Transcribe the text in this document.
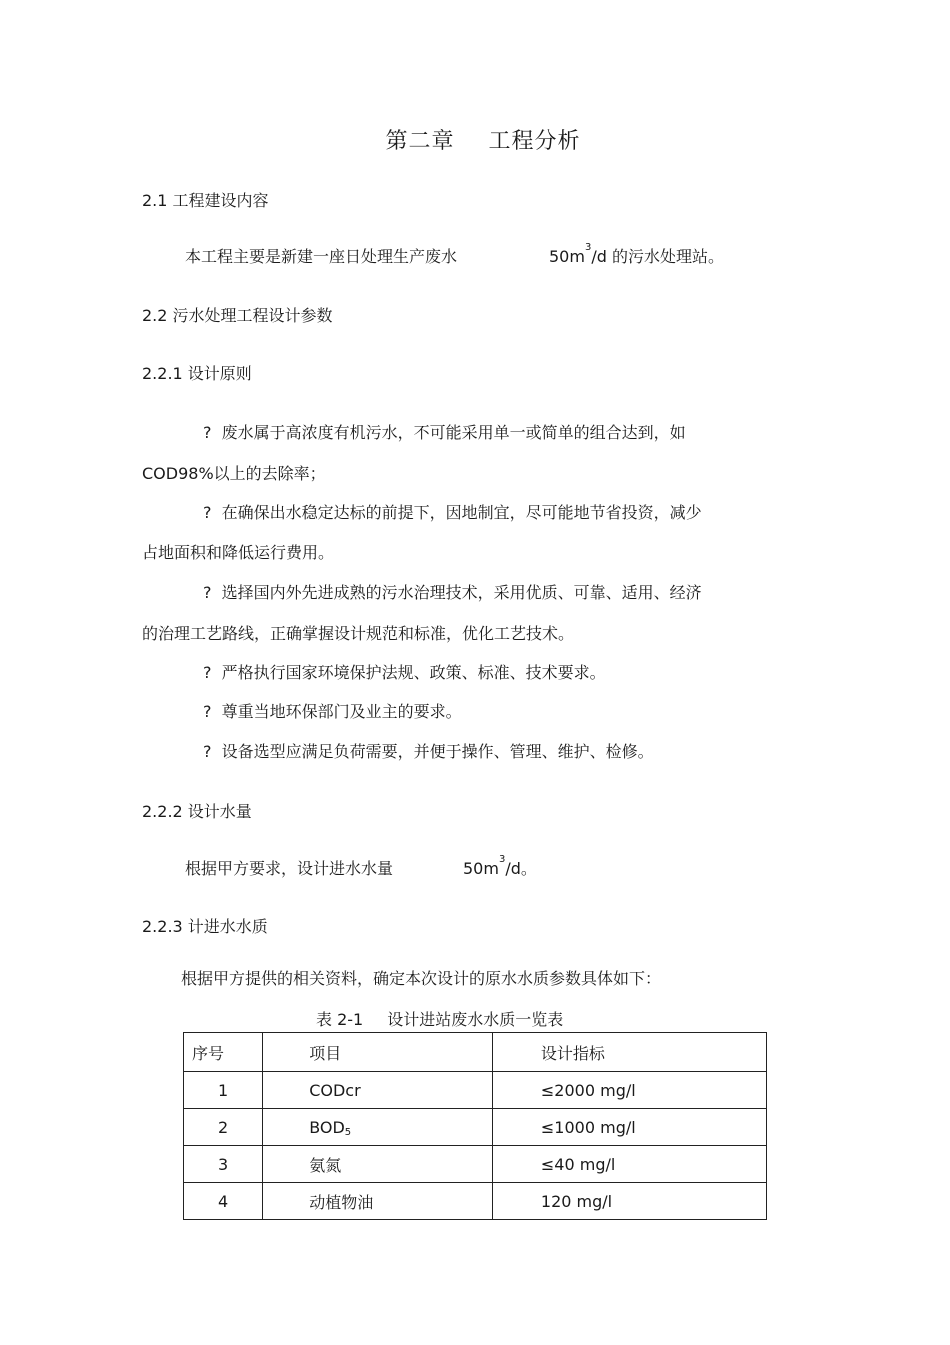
第二章 工程分析
2.1 工程建设内容
本工程主要是新建一座日处理生产废水	$50m^3/d$ 的污水处理站。
2.2 污水处理工程设计参数
2.2.1 设计原则
? 废水属于高浓度有机污水，不可能采用单一或简单的组合达到，如
COD98%以上的去除率；
? 在确保出水稳定达标的前提下，因地制宜，尽可能地节省投资，减少
占地面积和降低运行费用。
? 选择国内外先进成熟的污水治理技术，采用优质、可靠、适用、经济
的治理工艺路线，正确掌握设计规范和标准，优化工艺技术。
? 严格执行国家环境保护法规、政策、标准、技术要求。
? 尊重当地环保部门及业主的要求。
? 设备选型应满足负荷需要，并便于操作、管理、维护、检修。
2.2.2 设计水量
根据甲方要求，设计进水水量	$50m^3/d$。
2.2.3 计进水水质
根据甲方提供的相关资料，确定本次设计的原水水质参数具体如下：
表 2-1 设计进站废水水质一览表
序号	项目	设计指标
1	CODcr	≤2000 mg/l
2	$BOD_5$	≤1000 mg/l
3	氨氮	≤40 mg/l
4	动植物油	120 mg/l
